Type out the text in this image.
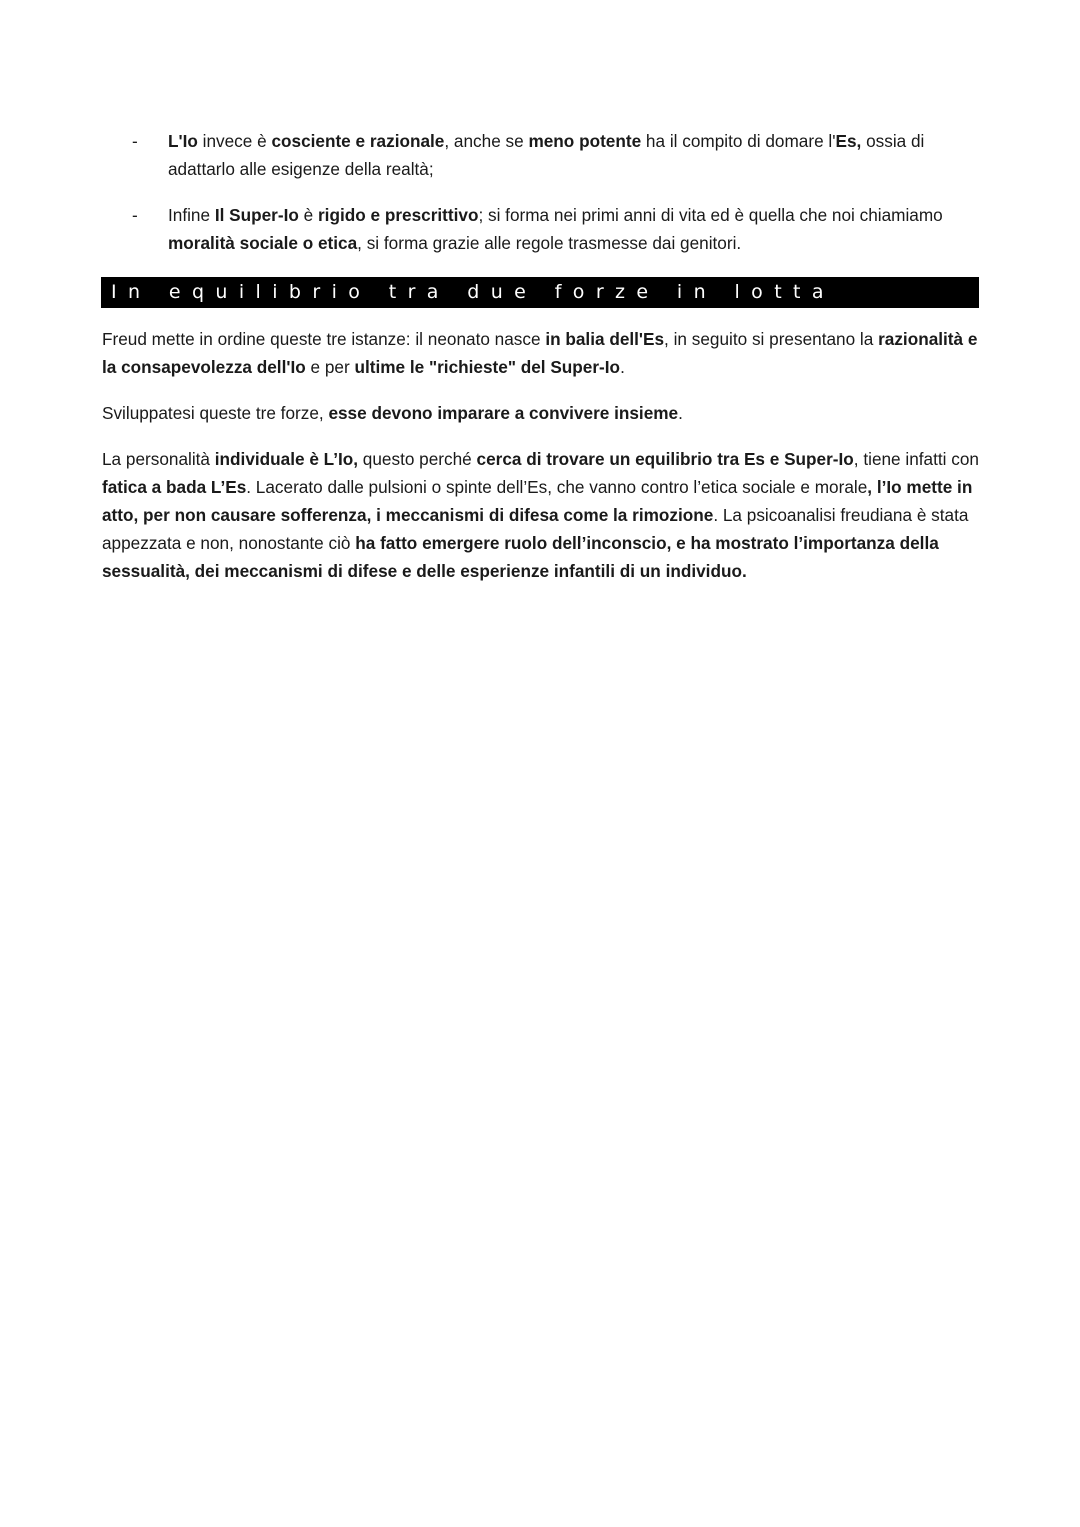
- L'Io invece è cosciente e razionale, anche se meno potente ha il compito di domare l'Es, ossia di adattarlo alle esigenze della realtà;
- Infine Il Super-Io è rigido e prescrittivo; si forma nei primi anni di vita ed è quella che noi chiamiamo moralità sociale o etica, si forma grazie alle regole trasmesse dai genitori.
In equilibrio tra due forze in lotta

Freud mette in ordine queste tre istanze: il neonato nasce in balia dell'Es, in seguito si presentano la razionalità e la consapevolezza dell'Io e per ultime le "richieste" del Super-Io.

Sviluppatesi queste tre forze, esse devono imparare a convivere insieme.

La personalità individuale è L’Io, questo perché cerca di trovare un equilibrio tra Es e Super-Io, tiene infatti con fatica a bada L’Es. Lacerato dalle pulsioni o spinte dell’Es, che vanno contro l’etica sociale e morale, l’Io mette in atto, per non causare sofferenza, i meccanismi di difesa come la rimozione. La psicoanalisi freudiana è stata appezzata e non, nonostante ciò ha fatto emergere ruolo dell’inconscio, e ha mostrato l’importanza della sessualità, dei meccanismi di difese e delle esperienze infantili di un individuo.
